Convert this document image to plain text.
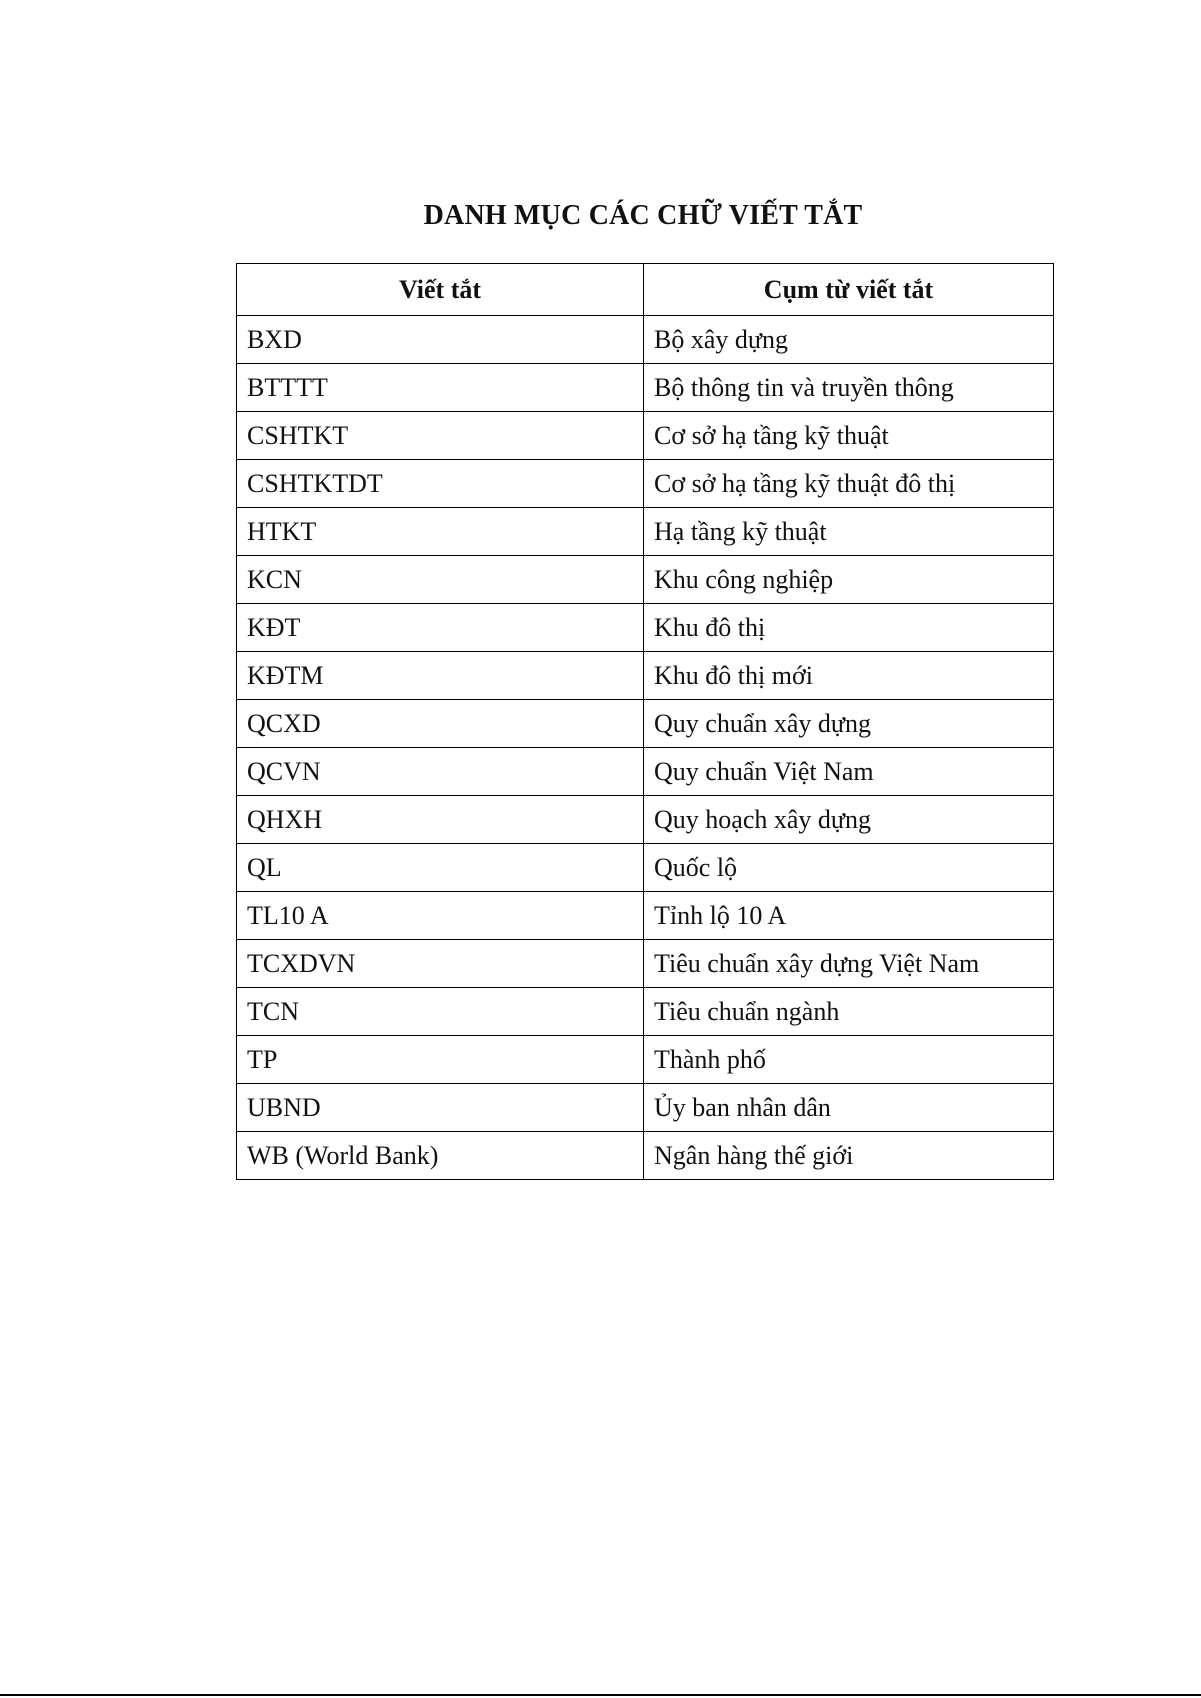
DANH MỤC CÁC CHỮ VIẾT TẮT
Viết tắt	Cụm từ viết tắt
BXD	Bộ xây dựng
BTTTT	Bộ thông tin và truyền thông
CSHTKT	Cơ sở hạ tầng kỹ thuật
CSHTKTDT	Cơ sở hạ tầng kỹ thuật đô thị
HTKT	Hạ tầng kỹ thuật
KCN	Khu công nghiệp
KĐT	Khu đô thị
KĐTM	Khu đô thị mới
QCXD	Quy chuẩn xây dựng
QCVN	Quy chuẩn Việt Nam
QHXH	Quy hoạch xây dựng
QL	Quốc lộ
TL10 A	Tỉnh lộ 10 A
TCXDVN	Tiêu chuẩn xây dựng Việt Nam
TCN	Tiêu chuẩn ngành
TP	Thành phố
UBND	Ủy ban nhân dân
WB (World Bank)	Ngân hàng thế giới
